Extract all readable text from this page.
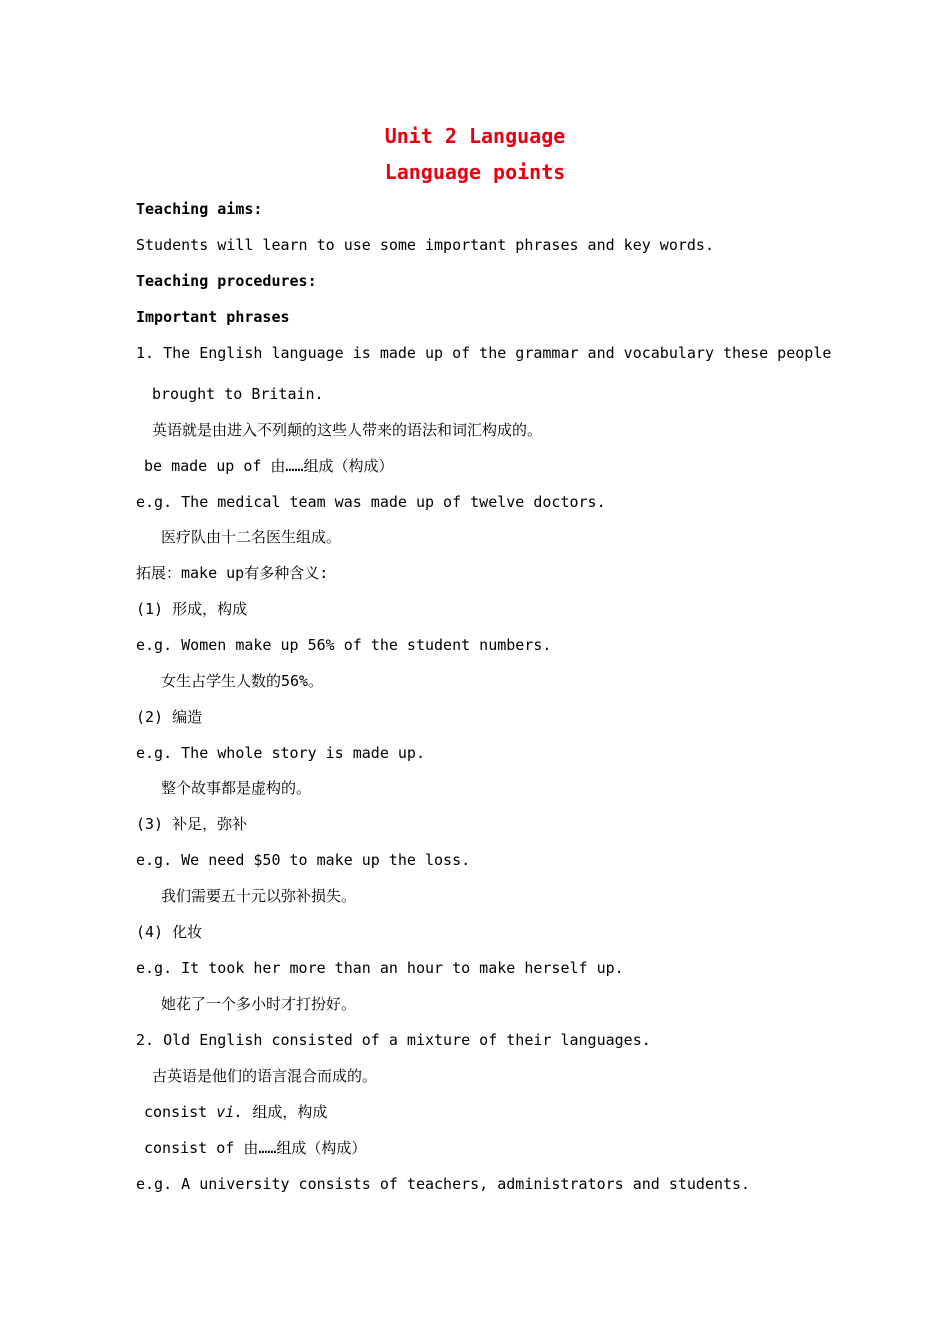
Unit 2 Language
Language points
Teaching aims:
Students will learn to use some important phrases and key words.
Teaching procedures:
Important phrases
1. The English language is made up of the grammar and vocabulary these people
brought to Britain.
英语就是由进入不列颠的这些人带来的语法和词汇构成的。
be made up of 由……组成（构成）
e.g. The medical team was made up of twelve doctors.
医疗队由十二名医生组成。
拓展：make up有多种含义:
(1) 形成，构成
e.g. Women make up 56% of the student numbers.
女生占学生人数的56%。
(2) 编造
e.g. The whole story is made up.
整个故事都是虚构的。
(3) 补足，弥补
e.g. We need $50 to make up the loss.
我们需要五十元以弥补损失。
(4) 化妆
e.g. It took her more than an hour to make herself up.
她花了一个多小时才打扮好。
2. Old English consisted of a mixture of their languages.
古英语是他们的语言混合而成的。
consist vi. 组成，构成
consist of 由……组成（构成）
e.g. A university consists of teachers, administrators and students.
